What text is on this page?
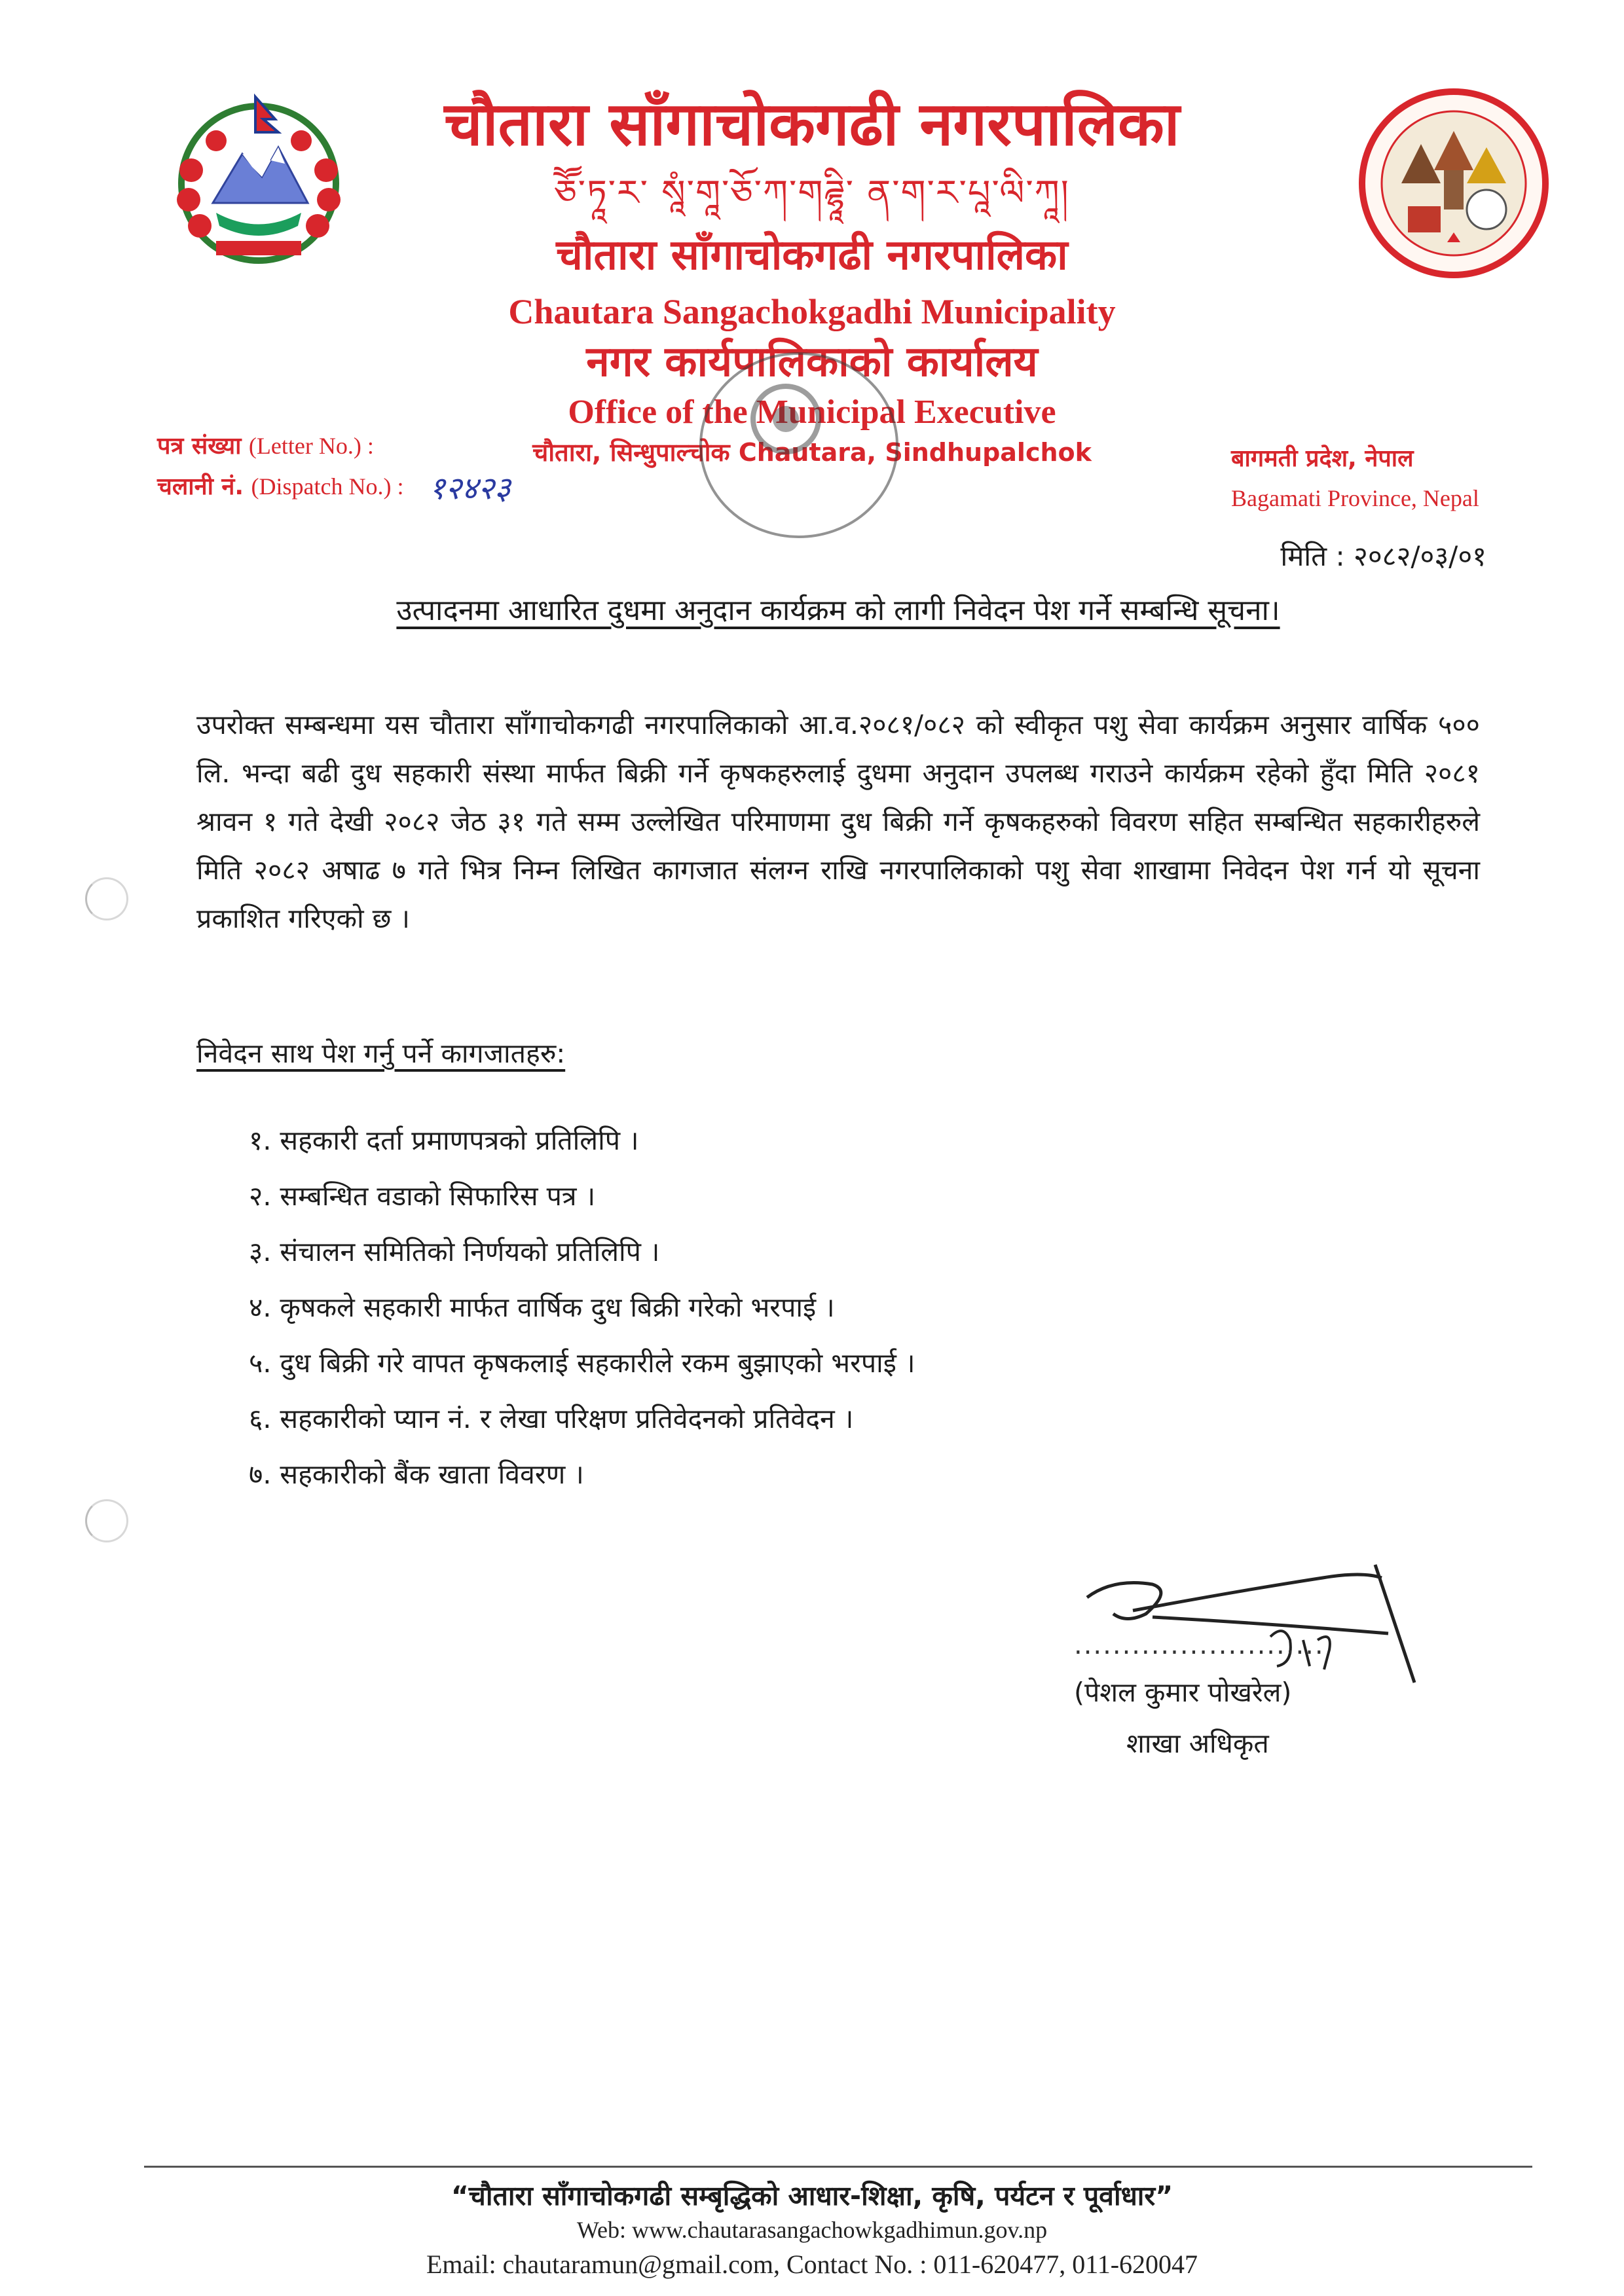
चौतारा साँगाचोकगढी नगरपालिका
ཅཽ་ཏཱ་ར་ སཱཾ་གཱ་ཅོ་ཀ་གཌྷཱི་ ན་ག་ར་པཱ་ལི་ཀཱ།
चौतारा साँगाचोकगढी नगरपालिका
Chautara Sangachokgadhi Municipality
नगर कार्यपालिकाको कार्यालय
Office of the Municipal Executive
चौतारा, सिन्धुपाल्चोक Chautara, Sindhupalchok
पत्र संख्या (Letter No.) :
चलानी नं. (Dispatch No.) : १२४२३
बागमती प्रदेश, नेपाल
Bagamati Province, Nepal
मिति : २०८२/०३/०१
उत्पादनमा आधारित दुधमा अनुदान कार्यक्रम को लागी निवेदन पेश गर्ने सम्बन्धि सूचना।
उपरोक्त सम्बन्धमा यस चौतारा साँगाचोकगढी नगरपालिकाको आ.व.२०८१/०८२ को स्वीकृत पशु सेवा कार्यक्रम अनुसार वार्षिक ५०० लि. भन्दा बढी दुध सहकारी संस्था मार्फत बिक्री गर्ने कृषकहरुलाई दुधमा अनुदान उपलब्ध गराउने कार्यक्रम रहेको हुँदा मिति २०८१ श्रावन १ गते देखी २०८२ जेठ ३१ गते सम्म उल्लेखित परिमाणमा दुध बिक्री गर्ने कृषकहरुको विवरण सहित सम्बन्धित सहकारीहरुले मिति २०८२ अषाढ ७ गते भित्र निम्न लिखित कागजात संलग्न राखि नगरपालिकाको पशु सेवा शाखामा निवेदन पेश गर्न यो सूचना प्रकाशित गरिएको छ ।
निवेदन साथ पेश गर्नु पर्ने कागजातहरु:
१. सहकारी दर्ता प्रमाणपत्रको प्रतिलिपि ।
२. सम्बन्धित वडाको सिफारिस पत्र ।
३. संचालन समितिको निर्णयको प्रतिलिपि ।
४. कृषकले सहकारी मार्फत वार्षिक दुध बिक्री गरेको भरपाई ।
५. दुध बिक्री गरे वापत कृषकलाई सहकारीले रकम बुझाएको भरपाई ।
६. सहकारीको प्यान नं. र लेखा परिक्षण प्रतिवेदनको प्रतिवेदन ।
७. सहकारीको बैंक खाता विवरण ।
..........................
(पेशल कुमार पोखरेल)
शाखा अधिकृत
“चौतारा साँगाचोकगढी सम्बृद्धिको आधार-शिक्षा, कृषि, पर्यटन र पूर्वाधार”
Web: www.chautarasangachowkgadhimun.gov.np
Email: chautaramun@gmail.com, Contact No. : 011-620477, 011-620047
